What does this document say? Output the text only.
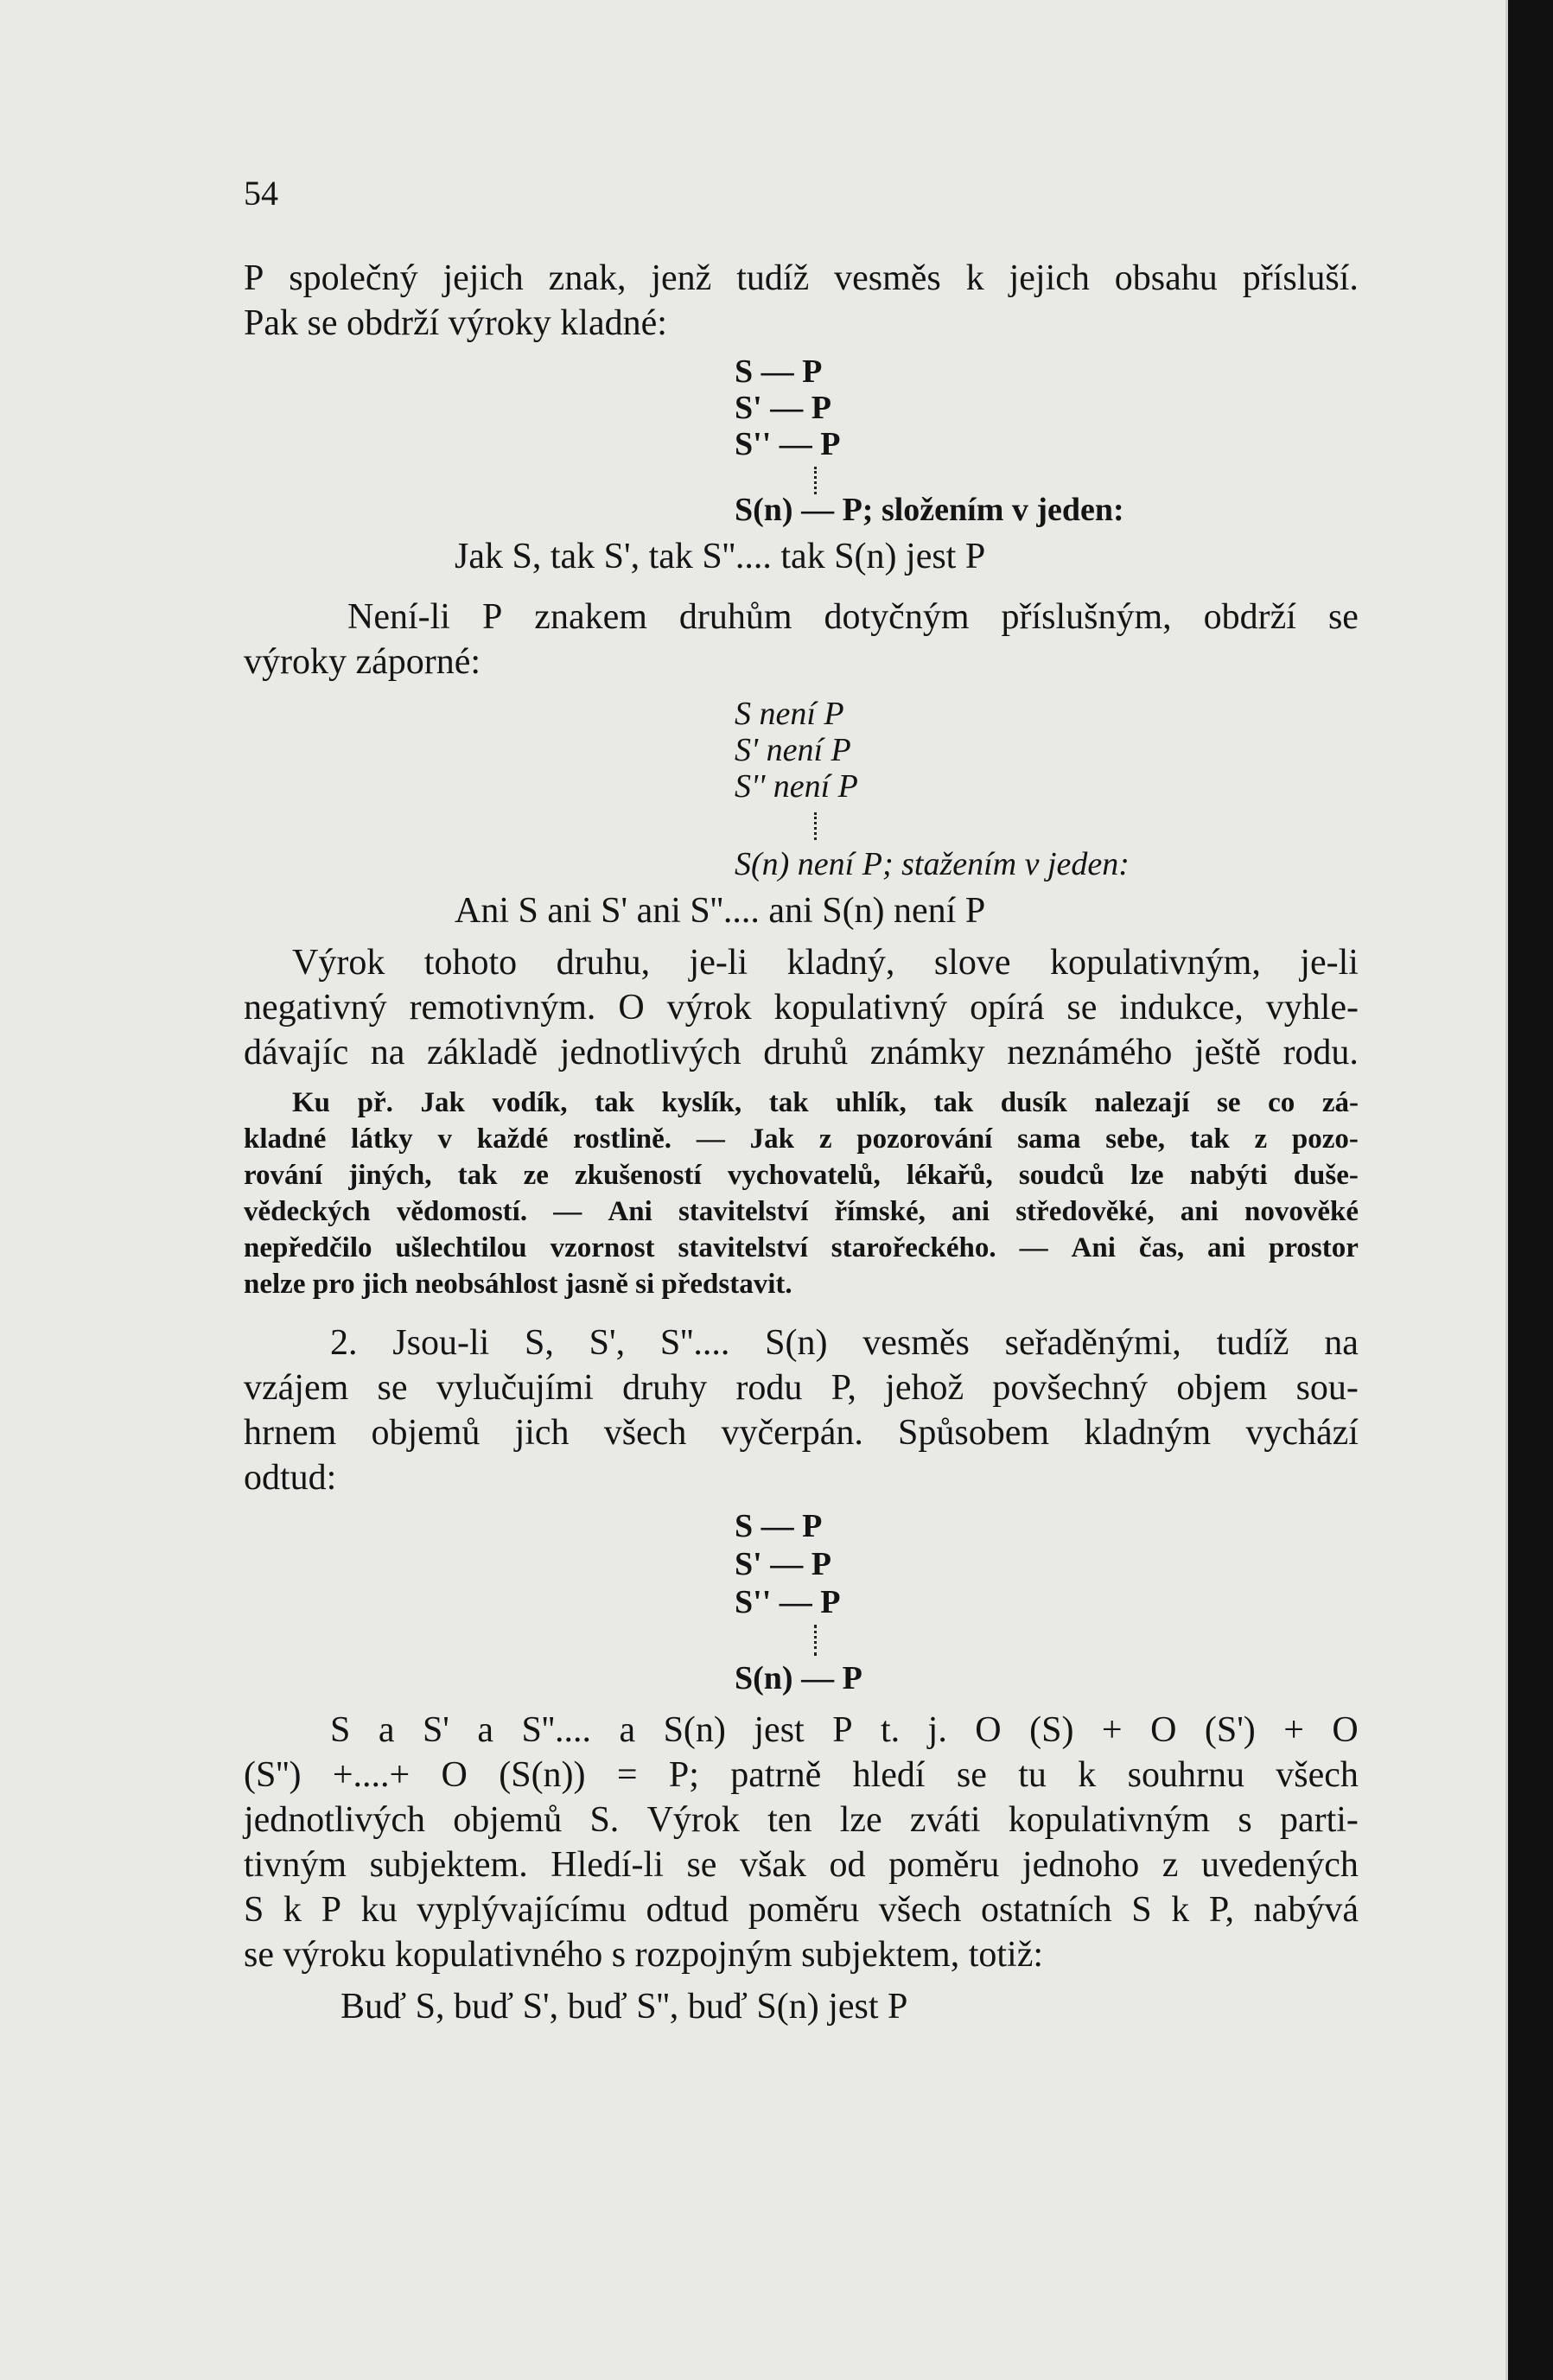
54
P společný jejich znak, jenž tudíž vesměs k jejich obsahu přísluší.
Pak se obdrží výroky kladné:
S — P
S' — P
S'' — P
S(n) — P; složením v jeden:
Jak S, tak S', tak S''.... tak S(n) jest P
Není-li P znakem druhům dotyčným příslušným, obdrží se
výroky záporné:
S není P
S' není P
S'' není P
S(n) není P; stažením v jeden:
Ani S ani S' ani S''.... ani S(n) není P
Výrok tohoto druhu, je-li kladný, slove kopulativným, je-li
negativný remotivným. O výrok kopulativný opírá se indukce, vyhle-
dávajíc na základě jednotlivých druhů známky neznámého ještě rodu.
Ku př. Jak vodík, tak kyslík, tak uhlík, tak dusík nalezají se co zá-
kladné látky v každé rostlině. — Jak z pozorování sama sebe, tak z pozo-
rování jiných, tak ze zkušeností vychovatelů, lékařů, soudců lze nabýti duše-
vědeckých vědomostí. — Ani stavitelství římské, ani středověké, ani novověké
nepředčilo ušlechtilou vzornost stavitelství starořeckého. — Ani čas, ani prostor
nelze pro jich neobsáhlost jasně si představit.
2. Jsou-li S, S', S''.... S(n) vesměs seřaděnými, tudíž na
vzájem se vylučujími druhy rodu P, jehož povšechný objem sou-
hrnem objemů jich všech vyčerpán. Spůsobem kladným vychází
odtud:
S — P
S' — P
S'' — P
S(n) — P
S a S' a S''.... a S(n) jest P t. j. O (S) + O (S') + O
(S'') +....+ O (S(n)) = P; patrně hledí se tu k souhrnu všech
jednotlivých objemů S. Výrok ten lze zváti kopulativným s parti-
tivným subjektem. Hledí-li se však od poměru jednoho z uvedených
S k P ku vyplývajícímu odtud poměru všech ostatních S k P, nabývá
se výroku kopulativného s rozpojným subjektem, totiž:
Buď S, buď S', buď S'', buď S(n) jest P
